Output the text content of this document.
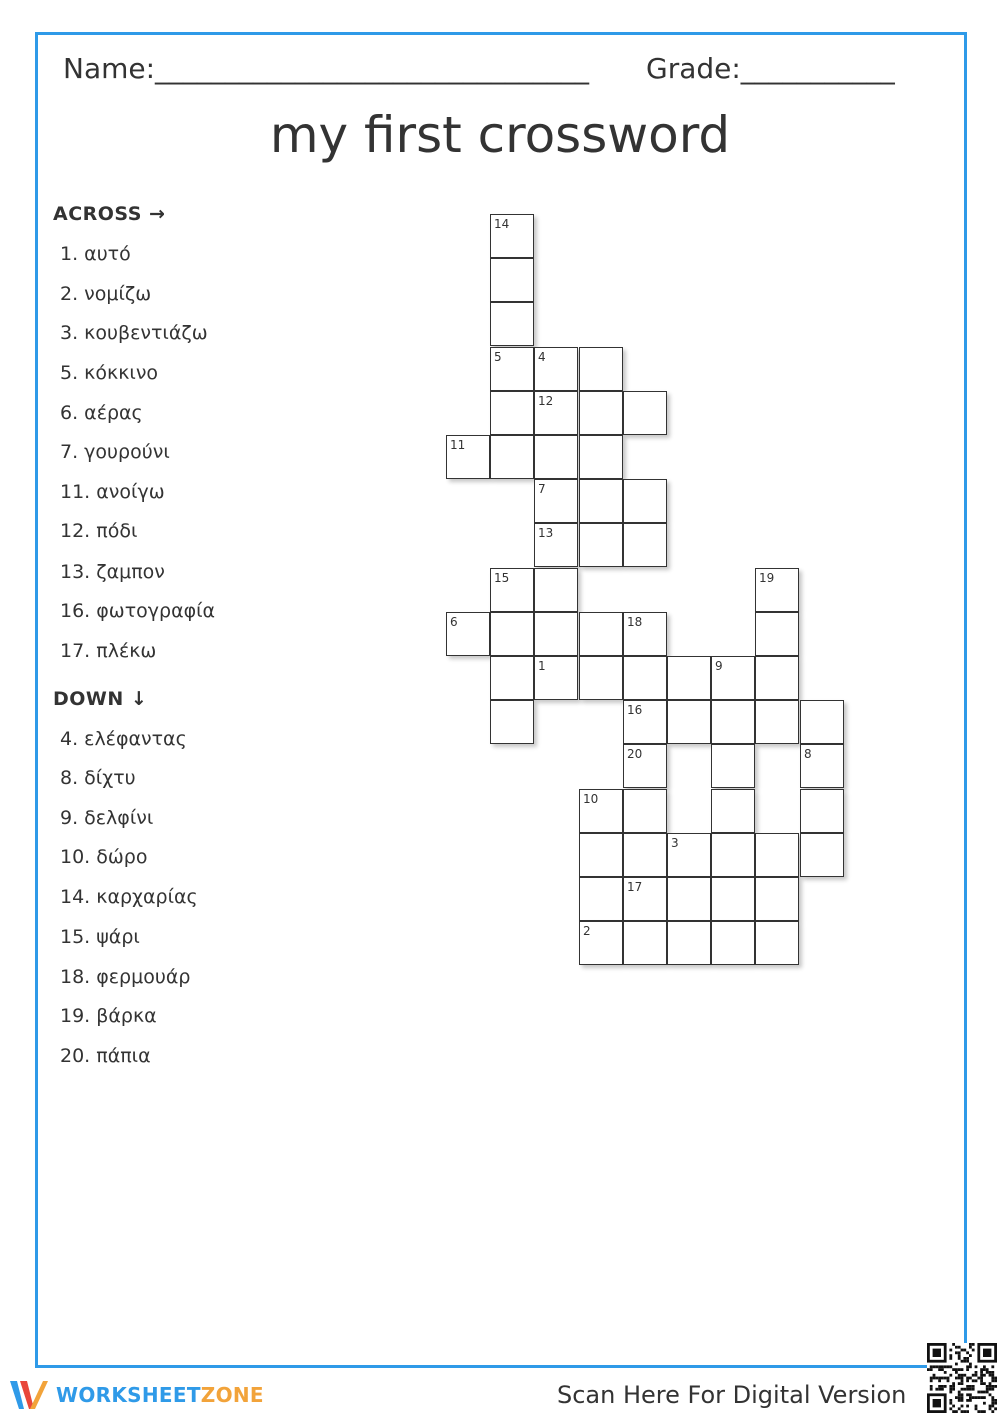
Name:_______________________________ Grade:___________
my first crossword
ACROSS →
1. αυτό
2. νομίζω
3. κουβεντιάζω
5. κόκκινο
6. αέρας
7. γουρούνι
11. ανοίγω
12. πόδι
13. ζαμπον
16. φωτογραφία
17. πλέκω
DOWN ↓
4. ελέφαντας
8. δίχτυ
9. δελφίνι
10. δώρο
14. καρχαρίας
15. ψάρι
18. φερμουάρ
19. βάρκα
20. πάπια
14
5	4
12
11
7
13
15	19
6	18
1	9
16
20	8
10
3
17
2
WORKSHEETZONE	Scan Here For Digital Version
